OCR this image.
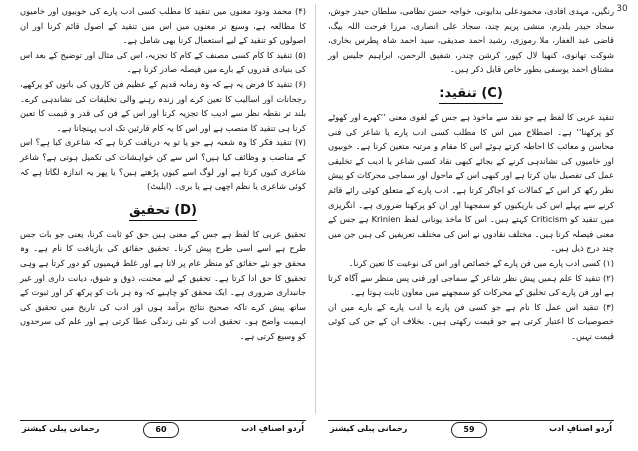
30

(۴) محمد ودود معنوں میں تنقید کا مطلب کسی ادب پارے کی خوبیوں اور خامیوں کا مطالعہ ہے، وسیع تر معنوں میں اس میں تنقید کے اصول قائم کرنا اور ان اصولوں کو تنقید کے لیے استعمال کرنا بھی شامل ہے۔

(۵) تنقید کا کام کسی مصنف کے کام کا تجزیہ، اس کی مثال اور توضیح کے بعد اس کی بنیادی قدروں کے بارے میں فیصلہ صادر کرنا ہے۔

(۶) تنقید کا فرض یہ ہے کہ وہ زمانہ قدیم کے عظیم فن کاروں کی باتوں کو پرکھے، رجحانات اور اسالیب کا تعین کرے اور زندہ رہنے والی تخلیقات کی نشاندہی کرے۔ بلند تر نقطہ نظر سے ادیب کا تجزیہ کرنا اور اس کے فن کی قدر و قیمت کا تعین کرنا ہی تنقید کا منصب ہے اور اس کا یہ کام قارئین تک ادب پہنچانا ہے۔

(۷) تنقید فکر کا وہ شعبہ ہے جو یا تو یہ دریافت کرتا ہے کہ شاعری کیا ہے؟ اس کے مناصب و وظائف کیا ہیں؟ اس سے کن خواہشات کی تکمیل ہوتی ہے؟ شاعر شاعری کیوں کرتا ہے اور لوگ اسے کیوں پڑھتے ہیں؟ یا پھر یہ اندازہ لگاتا ہے کہ کوئی شاعری یا نظم اچھی ہے یا بری۔ (ایلیٹ)

(D) تحقیق

تحقیق عربی کا لفظ ہے جس کے معنی ہیں حق کو ثابت کرنا، یعنی جو بات جس طرح ہے اسے اسی طرح پیش کرنا۔ تحقیق حقائق کی بازیافت کا نام ہے۔ وہ محقق جو نئے حقائق کو منظر عام پر لاتا ہے اور غلط فہمیوں کو دور کرتا ہے وہی تحقیق کا حق ادا کرتا ہے۔ تحقیق کے لیے محنت، ذوق و شوق، دیانت داری اور غیر جانبداری ضروری ہے۔ ایک محقق کو چاہیے کہ وہ ہر بات کو پرکھ کر اور ثبوت کے ساتھ پیش کرے تاکہ صحیح نتائج برآمد ہوں اور ادب کی تاریخ میں تحقیق کی اہمیت واضح ہو۔ تحقیق ادب کو نئی زندگی عطا کرتی ہے اور علم کی سرحدوں کو وسیع کرتی ہے۔

رنگیں، مہدی افادی، محمودعلی بدایونی، خواجہ حسن نظامی، سلطان حیدر جوش، سجاد حیدر یلدرم، منشی پریم چند، سجاد علی انصاری، مرزا فرحت اللہ بیگ، قاضی عبد الغفار، ملا رموزی، رشید احمد صدیقی، سید احمد شاہ پطرس بخاری، شوکت تھانوی، کنھیا لال کپور، کرشن چندر، شفیق الرحمن، ابراہیم جلیس اور مشتاق احمد یوسفی بطور خاص قابل ذکر ہیں۔

(C) تنقید:

تنقید عربی کا لفظ ہے جو نقد سے ماخوذ ہے جس کے لغوی معنی ’’کھرے اور کھوٹے کو پرکھنا‘‘ ہے۔ اصطلاح میں اس کا مطلب کسی ادب پارے یا شاعر کی فنی محاسن و معائب کا احاطہ کرتے ہوئے اس کا مقام و مرتبہ متعین کرنا ہے۔ خوبیوں اور خامیوں کی نشاندہی کرنے کے بجائے کبھی نقاد کسی شاعر یا ادیب کے تخلیقی عمل کی تفصیل بیان کرتا ہے اور کبھی اس کے ماحول اور سماجی محرکات کو پیش نظر رکھ کر اس کے کمالات کو اجاگر کرتا ہے۔ ادب پارے کے متعلق کوئی رائے قائم کرنے سے پہلے اس کی باریکیوں کو سمجھنا اور ان کو پرکھنا ضروری ہے۔ انگریزی میں تنقید کو Criticism کہتے ہیں۔ اس کا ماخذ یونانی لفظ Krinien ہے جس کے معنی فیصلہ کرنا ہیں۔ مختلف نقادوں نے اس کی مختلف تعریفیں کی ہیں جن میں چند درج ذیل ہیں۔

(۱) کسی ادب پارے میں فن پارے کے خصائص اور اس کی نوعیت کا تعین کرنا۔

(۲) تنقید کا علم ہمیں پیش نظر شاعر کے سماجی اور فنی پس منظر سے آگاہ کرتا ہے اور فن پارے کی تخلیق کے محرکات کو سمجھنے میں معاون ثابت ہوتا ہے۔

(۳) تنقید اس عمل کا نام ہے جو کسی فن پارے یا ادب پارے کے بارے میں ان خصوصیات کا اعتبار کرتی ہے جو قیمت رکھتی ہیں۔ بخلاف ان کے جن کی کوئی قیمت نہیں۔

رحمانی پبلی کیشنز	60	اُردو اصنافِ ادب	رحمانی پبلی کیشنز	59	اُردو اصنافِ ادب
